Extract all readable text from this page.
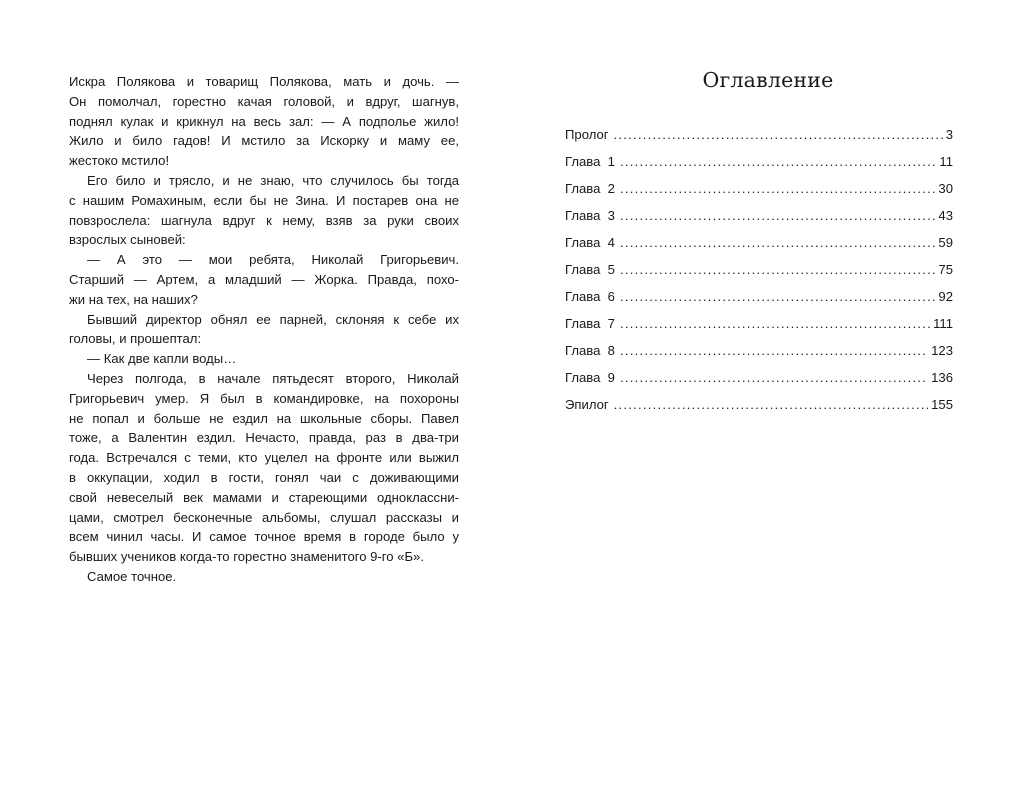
Искра Полякова и товарищ Полякова, мать и дочь. —
Он помолчал, горестно качая головой, и вдруг, шагнув,
поднял кулак и крикнул на весь зал: — А подполье жило!
Жило и било гадов! И мстило за Искорку и маму ее,
жестоко мстило!
Его било и трясло, и не знаю, что случилось бы тогда
с нашим Ромахиным, если бы не Зина. И постарев она не
повзрослела: шагнула вдруг к нему, взяв за руки своих
взрослых сыновей:
— А это — мои ребята, Николай Григорьевич.
Старший — Артем, а младший — Жорка. Правда, похо-
жи на тех, на наших?
Бывший директор обнял ее парней, склоняя к себе их
головы, и прошептал:
— Как две капли воды…
Через полгода, в начале пятьдесят второго, Николай
Григорьевич умер. Я был в командировке, на похороны
не попал и больше не ездил на школьные сборы. Павел
тоже, а Валентин ездил. Нечасто, правда, раз в два-три
года. Встречался с теми, кто уцелел на фронте или выжил
в оккупации, ходил в гости, гонял чаи с доживающими
свой невеселый век мамами и стареющими одноклассни-
цами, смотрел бесконечные альбомы, слушал рассказы и
всем чинил часы. И самое точное время в городе было у
бывших учеников когда-то горестно знаменитого 9-го «Б».
Самое точное.
Оглавление
Пролог . . .	3
Глава  1 . . .	11
Глава  2 . . .	30
Глава  3 . . .	43
Глава  4 . . .	59
Глава  5 . . .	75
Глава  6 . . .	92
Глава  7 . . .	111
Глава  8 . . .	123
Глава  9 . . .	136
Эпилог . . .	155
